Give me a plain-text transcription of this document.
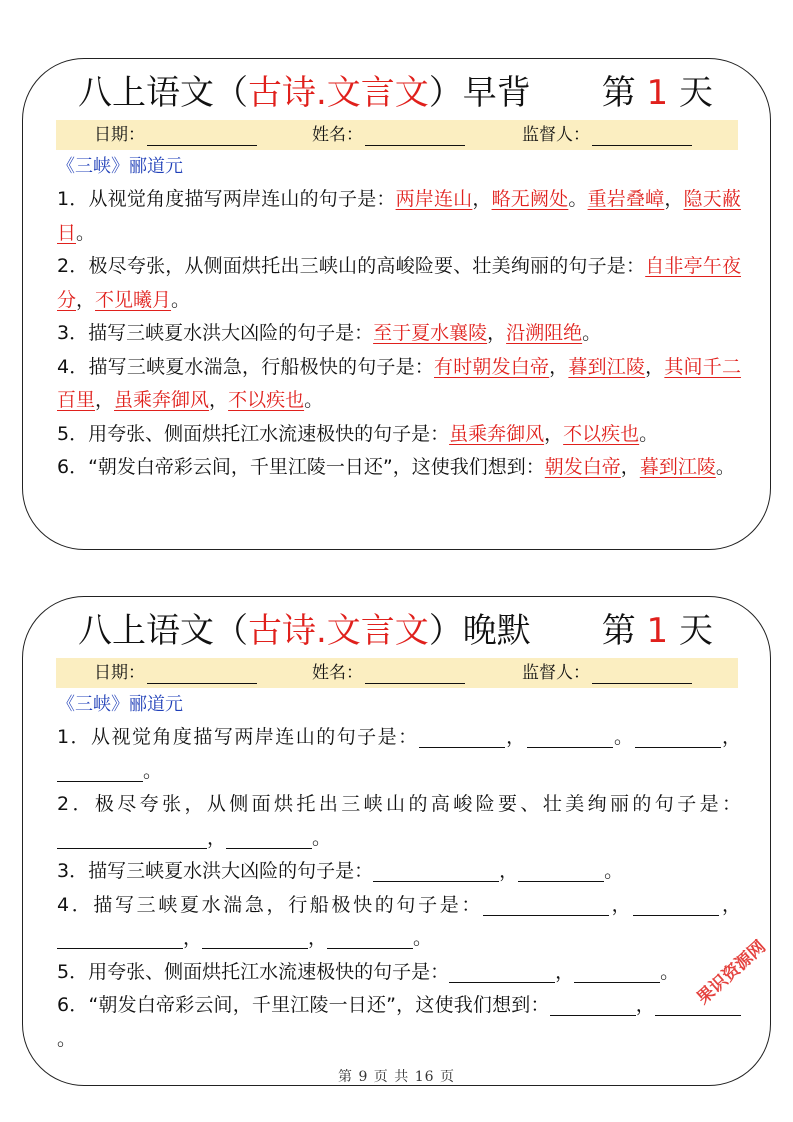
八上语文（古诗.文言文）早背 第 1 天
日期：	姓名：	监督人：
《三峡》郦道元

1．从视觉角度描写两岸连山的句子是：两岸连山，略无阙处。重岩叠嶂，隐天蔽日。

2．极尽夸张，从侧面烘托出三峡山的高峻险要、壮美绚丽的句子是：自非亭午夜分，不见曦月。

3．描写三峡夏水洪大凶险的句子是：至于夏水襄陵，沿溯阻绝。

4．描写三峡夏水湍急，行船极快的句子是：有时朝发白帝，暮到江陵，其间千二百里，虽乘奔御风，不以疾也。

5．用夸张、侧面烘托江水流速极快的句子是：虽乘奔御风，不以疾也。

6．“朝发白帝彩云间，千里江陵一日还”，这使我们想到：朝发白帝，暮到江陵。

八上语文（古诗.文言文）晚默 第 1 天
日期：	姓名：	监督人：
《三峡》郦道元

1．从视觉角度描写两岸连山的句子是：	，	。	，。

2．极尽夸张，从侧面烘托出三峡山的高峻险要、壮美绚丽的句子是：，	。

3．描写三峡夏水洪大凶险的句子是：	，	。

4．描写三峡夏水湍急，行船极快的句子是：	，	，，	，	。

5．用夸张、侧面烘托江水流速极快的句子是：	，	。

6．“朝发白帝彩云间，千里江陵一日还”，这使我们想到：	，。

第 9 页 共 16 页
果识资源网
